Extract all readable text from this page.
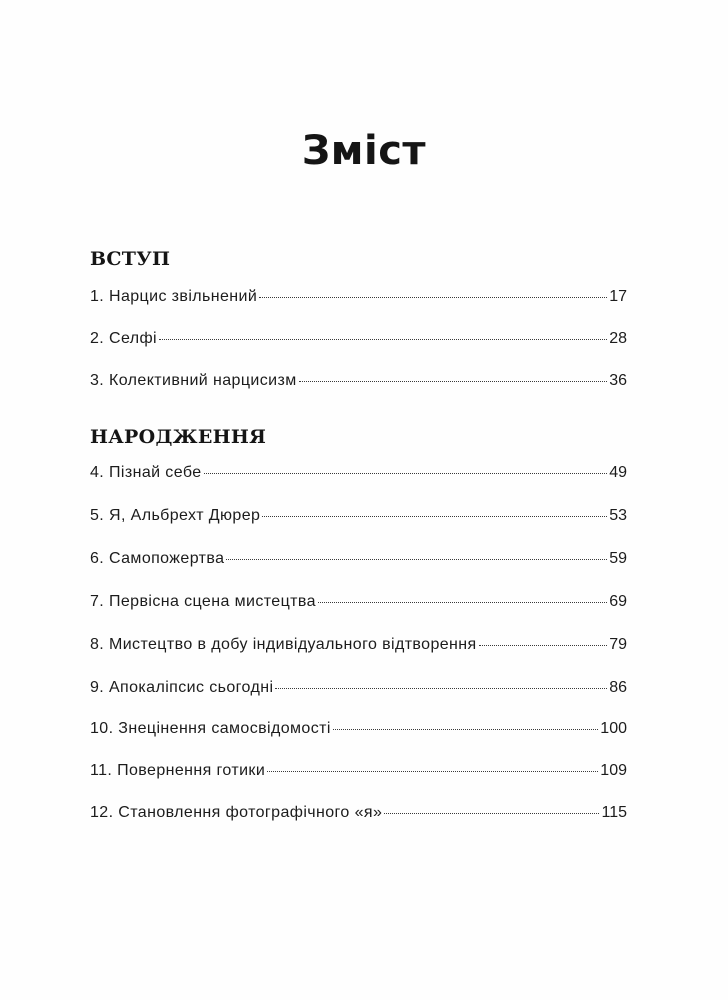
Зміст
ВСТУП
1. Нарцис звільнений	17
2. Селфі	28
3. Колективний нарцисизм	36
НАРОДЖЕННЯ
4. Пізнай себе	49
5. Я, Альбрехт Дюрер	53
6. Самопожертва	59
7. Первісна сцена мистецтва	69
8. Мистецтво в добу індивідуального відтворення	79
9. Апокаліпсис сьогодні	86
10. Знецінення самосвідомості	100
11. Повернення готики	109
12. Становлення фотографічного «я»	115
